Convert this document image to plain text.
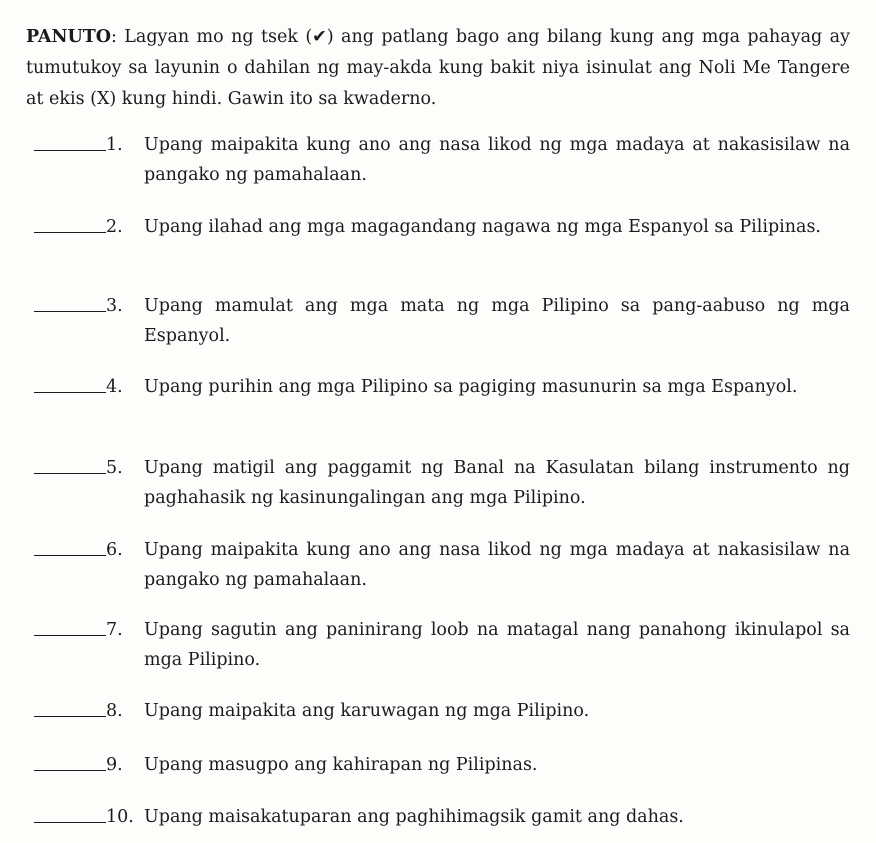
PANUTO: Lagyan mo ng tsek (✔) ang patlang bago ang bilang kung ang mga pahayag ay tumutukoy sa layunin o dahilan ng may-akda kung bakit niya isinulat ang Noli Me Tangere at ekis (X) kung hindi. Gawin ito sa kwaderno.
1. Upang maipakita kung ano ang nasa likod ng mga madaya at nakasisilaw na pangako ng pamahalaan.
2. Upang ilahad ang mga magagandang nagawa ng mga Espanyol sa Pilipinas.
3. Upang mamulat ang mga mata ng mga Pilipino sa pang-aabuso ng mga Espanyol.
4. Upang purihin ang mga Pilipino sa pagiging masunurin sa mga Espanyol.
5. Upang matigil ang paggamit ng Banal na Kasulatan bilang instrumento ng paghahasik ng kasinungalingan ang mga Pilipino.
6. Upang maipakita kung ano ang nasa likod ng mga madaya at nakasisilaw na pangako ng pamahalaan.
7. Upang sagutin ang paninirang loob na matagal nang panahong ikinulapol sa mga Pilipino.
8. Upang maipakita ang karuwagan ng mga Pilipino.
9. Upang masugpo ang kahirapan ng Pilipinas.
10. Upang maisakatuparan ang paghihimagsik gamit ang dahas.
